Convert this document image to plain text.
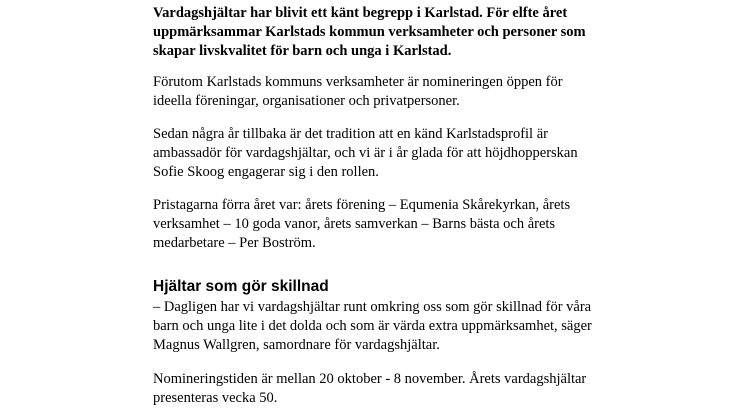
Vardagshjältar har blivit ett känt begrepp i Karlstad. För elfte året
uppmärksammar Karlstads kommun verksamheter och personer som
skapar livskvalitet för barn och unga i Karlstad.

Förutom Karlstads kommuns verksamheter är nomineringen öppen för
ideella föreningar, organisationer och privatpersoner.

Sedan några år tillbaka är det tradition att en känd Karlstadsprofil är
ambassadör för vardagshjältar, och vi är i år glada för att höjdhopperskan
Sofie Skoog engagerar sig i den rollen.

Pristagarna förra året var: årets förening – Equmenia Skårekyrkan, årets
verksamhet – 10 goda vanor, årets samverkan – Barns bästa och årets
medarbetare – Per Boström.

Hjältar som gör skillnad

– Dagligen har vi vardagshjältar runt omkring oss som gör skillnad för våra
barn och unga lite i det dolda och som är värda extra uppmärksamhet, säger
Magnus Wallgren, samordnare för vardagshjältar.

Nomineringstiden är mellan 20 oktober - 8 november. Årets vardagshjältar
presenteras vecka 50.
